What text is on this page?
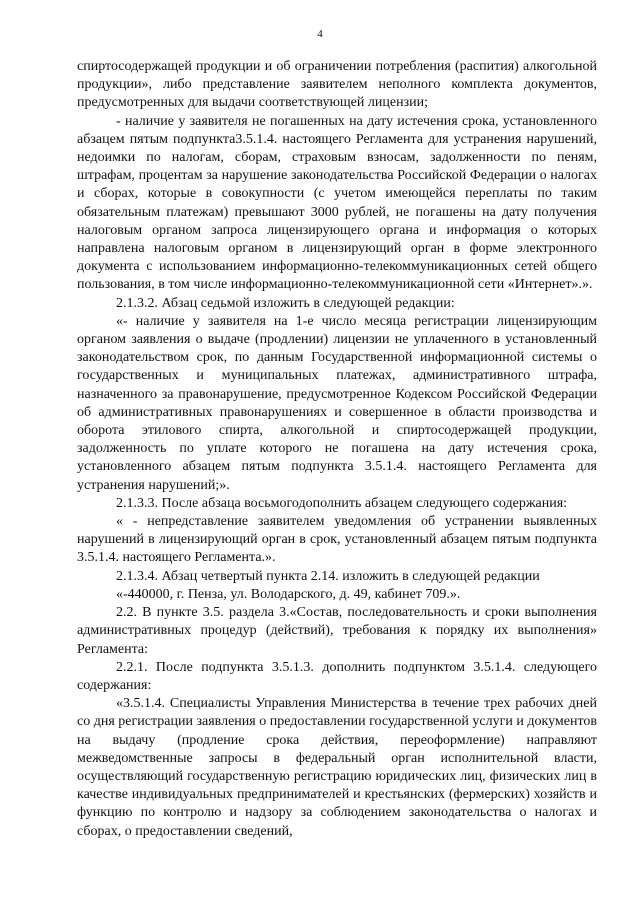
4

спиртосодержащей продукции и об ограничении потребления (распития) алкогольной продукции», либо представление заявителем неполного комплекта документов, предусмотренных для выдачи соответствующей лицензии;

- наличие у заявителя не погашенных на дату истечения срока, установленного абзацем пятым подпункта3.5.1.4. настоящего Регламента для устранения нарушений, недоимки по налогам, сборам, страховым взносам, задолженности по пеням, штрафам, процентам за нарушение законодательства Российской Федерации о налогах и сборах, которые в совокупности (с учетом имеющейся переплаты по таким обязательным платежам) превышают 3000 рублей, не погашены на дату получения налоговым органом запроса лицензирующего органа и информация о которых направлена налоговым органом в лицензирующий орган в форме электронного документа с использованием информационно-телекоммуникационных сетей общего пользования, в том числе информационно-телекоммуникационной сети «Интернет».».

2.1.3.2. Абзац седьмой изложить в следующей редакции:

«- наличие у заявителя на 1-е число месяца регистрации лицензирующим органом заявления о выдаче (продлении) лицензии не уплаченного в установленный законодательством срок, по данным Государственной информационной системы о государственных и муниципальных платежах, административного штрафа, назначенного за правонарушение, предусмотренное Кодексом Российской Федерации об административных правонарушениях и совершенное в области производства и оборота этилового спирта, алкогольной и спиртосодержащей продукции, задолженность по уплате которого не погашена на дату истечения срока, установленного абзацем пятым подпункта 3.5.1.4. настоящего Регламента для устранения нарушений;».

2.1.3.3. После абзаца восьмогодополнить абзацем следующего содержания:

« - непредставление заявителем уведомления об устранении выявленных нарушений в лицензирующий орган в срок, установленный абзацем пятым подпункта 3.5.1.4. настоящего Регламента.».

2.1.3.4. Абзац четвертый пункта 2.14. изложить в следующей редакции

«-440000, г. Пенза, ул. Володарского, д. 49, кабинет 709.».

2.2. В пункте 3.5. раздела 3.«Состав, последовательность и сроки выполнения административных процедур (действий), требования к порядку их выполнения» Регламента:

2.2.1. После подпункта 3.5.1.3. дополнить подпунктом 3.5.1.4. следующего содержания:

«3.5.1.4. Специалисты Управления Министерства в течение трех рабочих дней со дня регистрации заявления о предоставлении государственной услуги и документов на выдачу (продление срока действия, переоформление) направляют межведомственные запросы в федеральный орган исполнительной власти, осуществляющий государственную регистрацию юридических лиц, физических лиц в качестве индивидуальных предпринимателей и крестьянских (фермерских) хозяйств и функцию по контролю и надзору за соблюдением законодательства о налогах и сборах, о предоставлении сведений,
